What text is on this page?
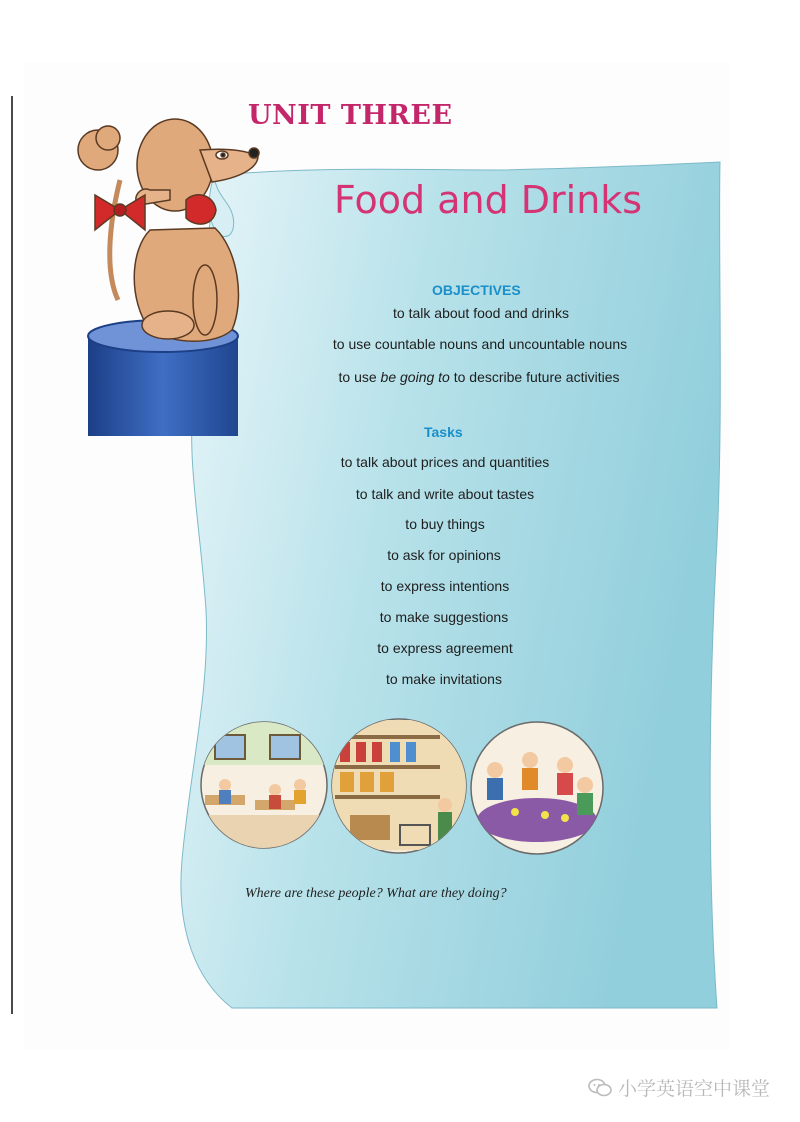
UNIT THREE
Food and Drinks
OBJECTIVES
to talk about food and drinks
to use countable nouns and uncountable nouns
to use be going to to describe future activities
Tasks
to talk about prices and quantities
to talk and write about tastes
to buy things
to ask for opinions
to express intentions
to make suggestions
to express agreement
to make invitations
Where are these people? What are they doing?
小学英语空中课堂
